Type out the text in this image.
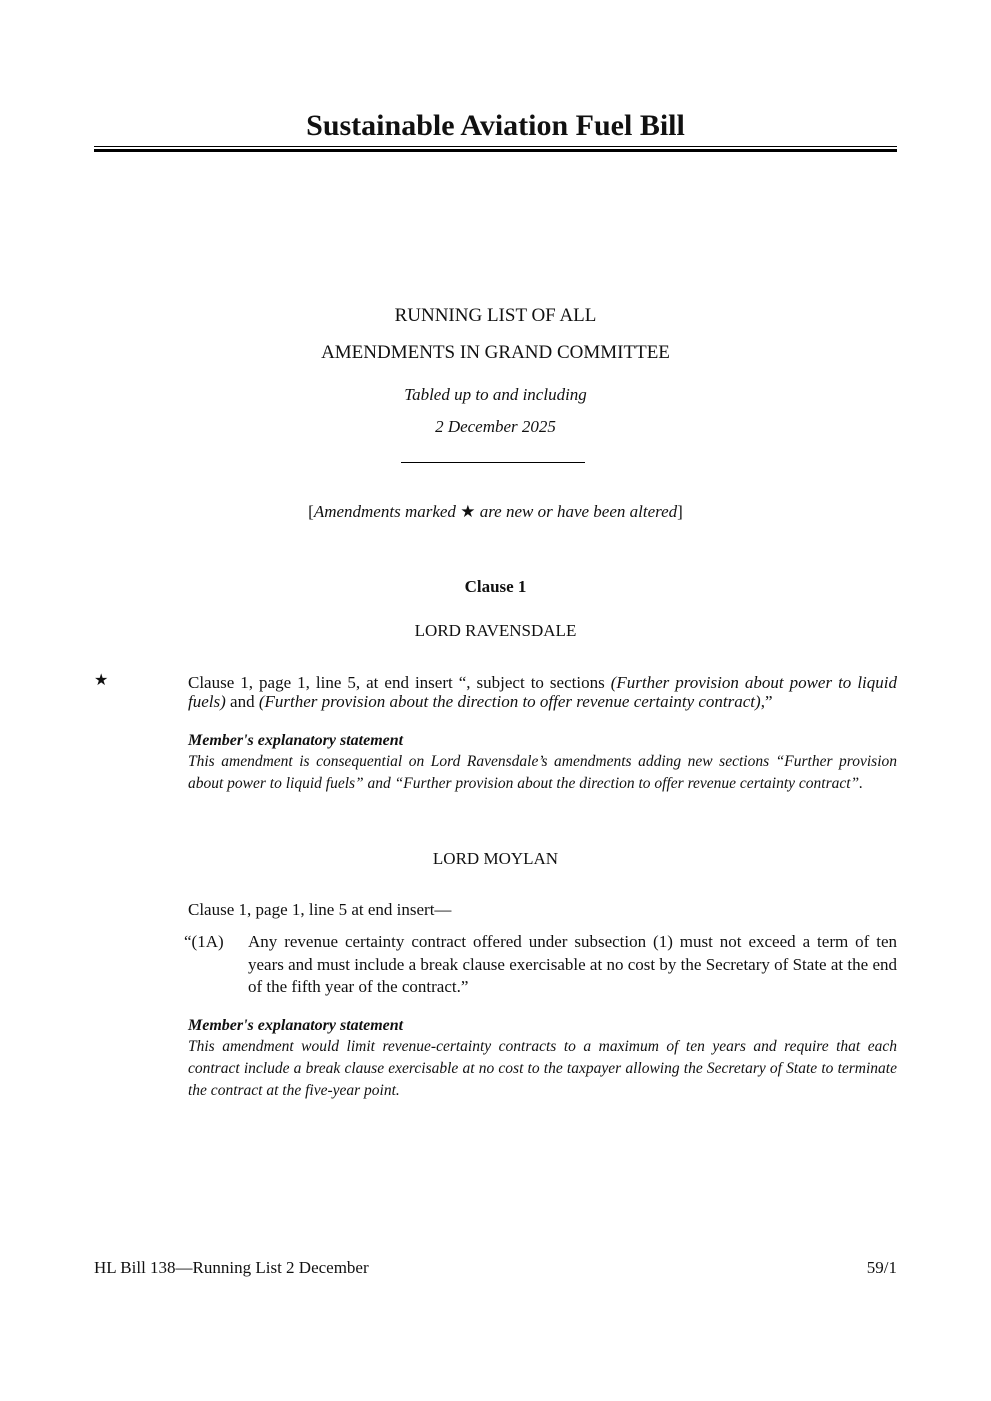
Sustainable Aviation Fuel Bill
RUNNING LIST OF ALL
AMENDMENTS IN GRAND COMMITTEE
Tabled up to and including
2 December 2025
[Amendments marked ★ are new or have been altered]
Clause 1
LORD RAVENSDALE
★	Clause 1, page 1, line 5, at end insert “, subject to sections (Further provision about power to liquid fuels) and (Further provision about the direction to offer revenue certainty contract),”
Member's explanatory statement
This amendment is consequential on Lord Ravensdale’s amendments adding new sections “Further provision about power to liquid fuels” and “Further provision about the direction to offer revenue certainty contract”.
LORD MOYLAN
Clause 1, page 1, line 5 at end insert—
“(1A) Any revenue certainty contract offered under subsection (1) must not exceed a term of ten years and must include a break clause exercisable at no cost by the Secretary of State at the end of the fifth year of the contract.”
Member's explanatory statement
This amendment would limit revenue-certainty contracts to a maximum of ten years and require that each contract include a break clause exercisable at no cost to the taxpayer allowing the Secretary of State to terminate the contract at the five-year point.
HL Bill 138—Running List 2 December	59/1
